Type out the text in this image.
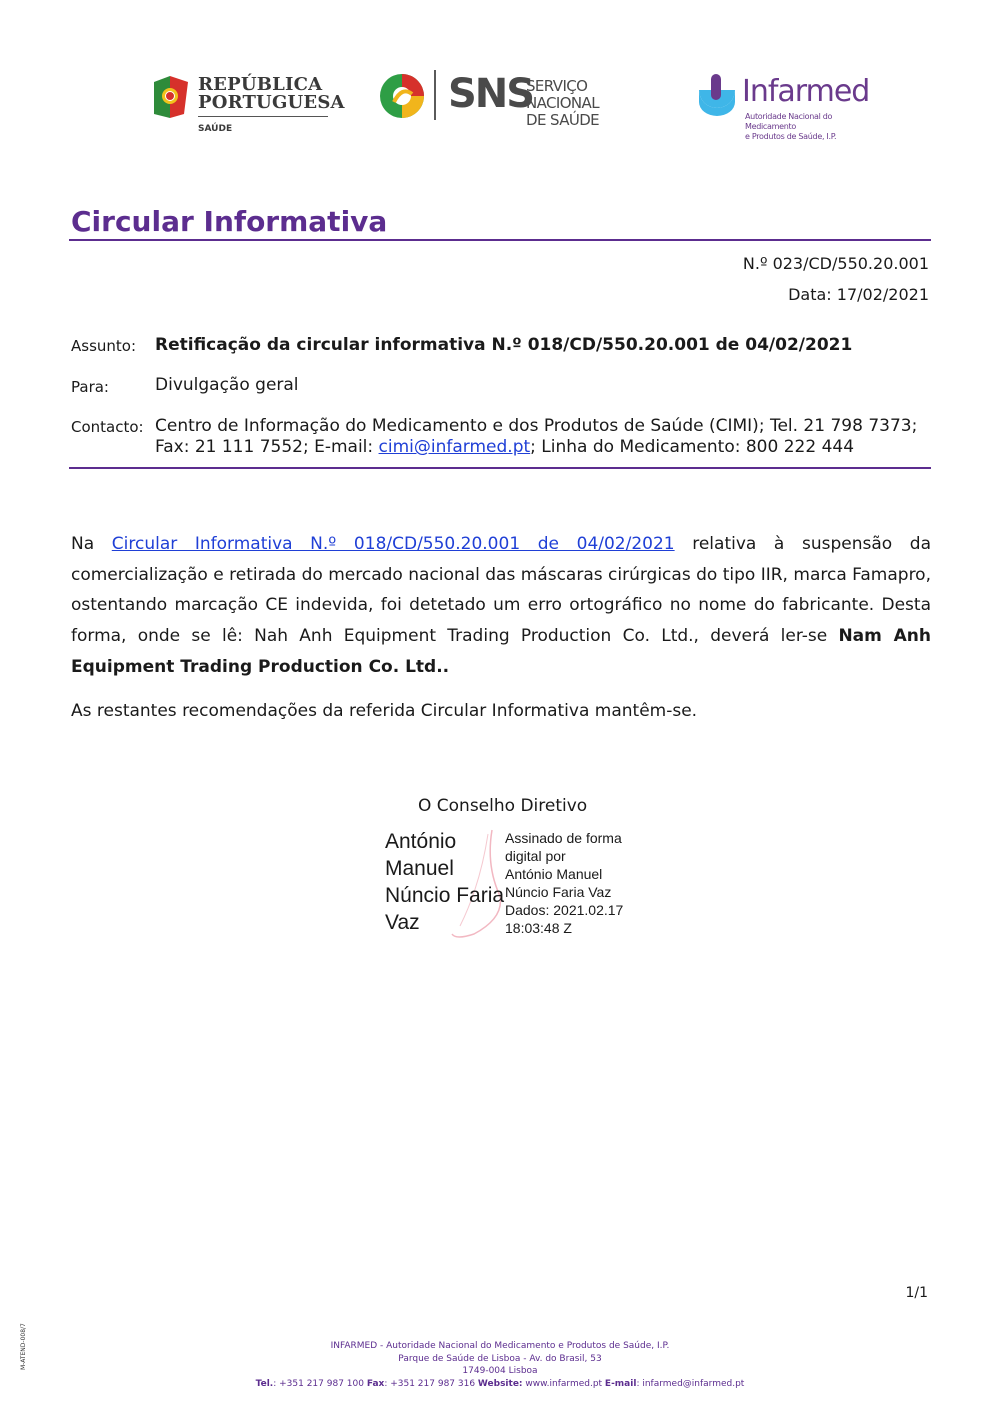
REPÚBLICA
PORTUGUESA
SAÚDE
SNS
SERVIÇO NACIONAL
DE SAÚDE
Infarmed
Autoridade Nacional do Medicamento
e Produtos de Saúde, I.P.
Circular Informativa
N.º 023/CD/550.20.001
Data: 17/02/2021
Assunto: Retificação da circular informativa N.º 018/CD/550.20.001 de 04/02/2021
Para:	Divulgação geral
Contacto: Centro de Informação do Medicamento e dos Produtos de Saúde (CIMI); Tel. 21 798 7373; Fax: 21 111 7552; E-mail: cimi@infarmed.pt; Linha do Medicamento: 800 222 444
Na Circular Informativa N.º 018/CD/550.20.001 de 04/02/2021 relativa à suspensão da comercialização e retirada do mercado nacional das máscaras cirúrgicas do tipo IIR, marca Famapro, ostentando marcação CE indevida, foi detetado um erro ortográfico no nome do fabricante. Desta forma, onde se lê: Nah Anh Equipment Trading Production Co. Ltd., deverá ler-se Nam Anh Equipment Trading Production Co. Ltd..
As restantes recomendações da referida Circular Informativa mantêm-se.
O Conselho Diretivo
António
Manuel
Núncio Faria
Vaz
Assinado de forma
digital por
António Manuel
Núncio Faria Vaz
Dados: 2021.02.17
18:03:48 Z
1/1
M-ATEND-008/7	INFARMED - Autoridade Nacional do Medicamento e Produtos de Saúde, I.P.
Parque de Saúde de Lisboa - Av. do Brasil, 53
1749-004 Lisboa
Tel.: +351 217 987 100 Fax: +351 217 987 316 Website: www.infarmed.pt E-mail: infarmed@infarmed.pt
